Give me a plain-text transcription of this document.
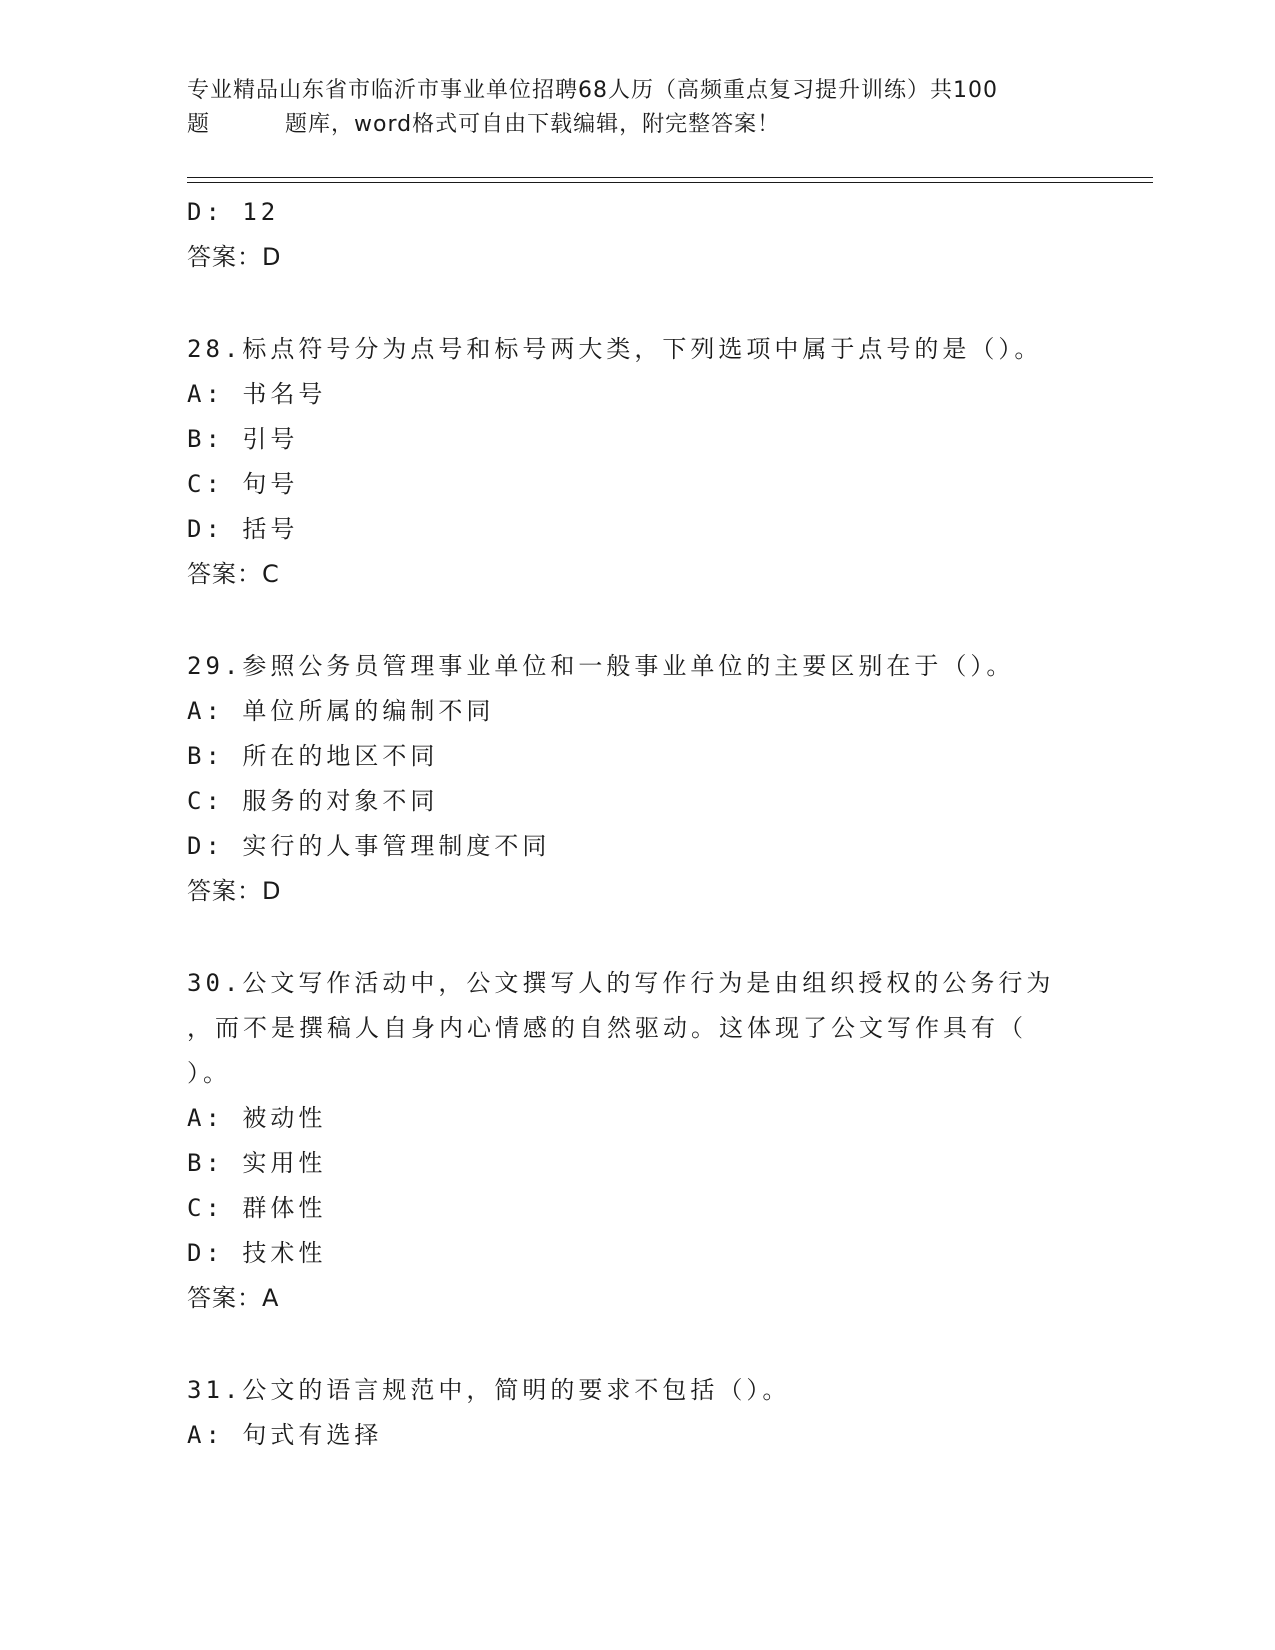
专业精品山东省市临沂市事业单位招聘68人历（高频重点复习提升训练）共100
题	题库，word格式可自由下载编辑，附完整答案！
D: 12
答案：D
28.标点符号分为点号和标号两大类，下列选项中属于点号的是（）。
A: 书名号
B: 引号
C: 句号
D: 括号
答案：C
29.参照公务员管理事业单位和一般事业单位的主要区别在于（）。
A: 单位所属的编制不同
B: 所在的地区不同
C: 服务的对象不同
D: 实行的人事管理制度不同
答案：D
30.公文写作活动中，公文撰写人的写作行为是由组织授权的公务行为
，而不是撰稿人自身内心情感的自然驱动。这体现了公文写作具有（
）。
A: 被动性
B: 实用性
C: 群体性
D: 技术性
答案：A
31.公文的语言规范中，简明的要求不包括（）。
A: 句式有选择
